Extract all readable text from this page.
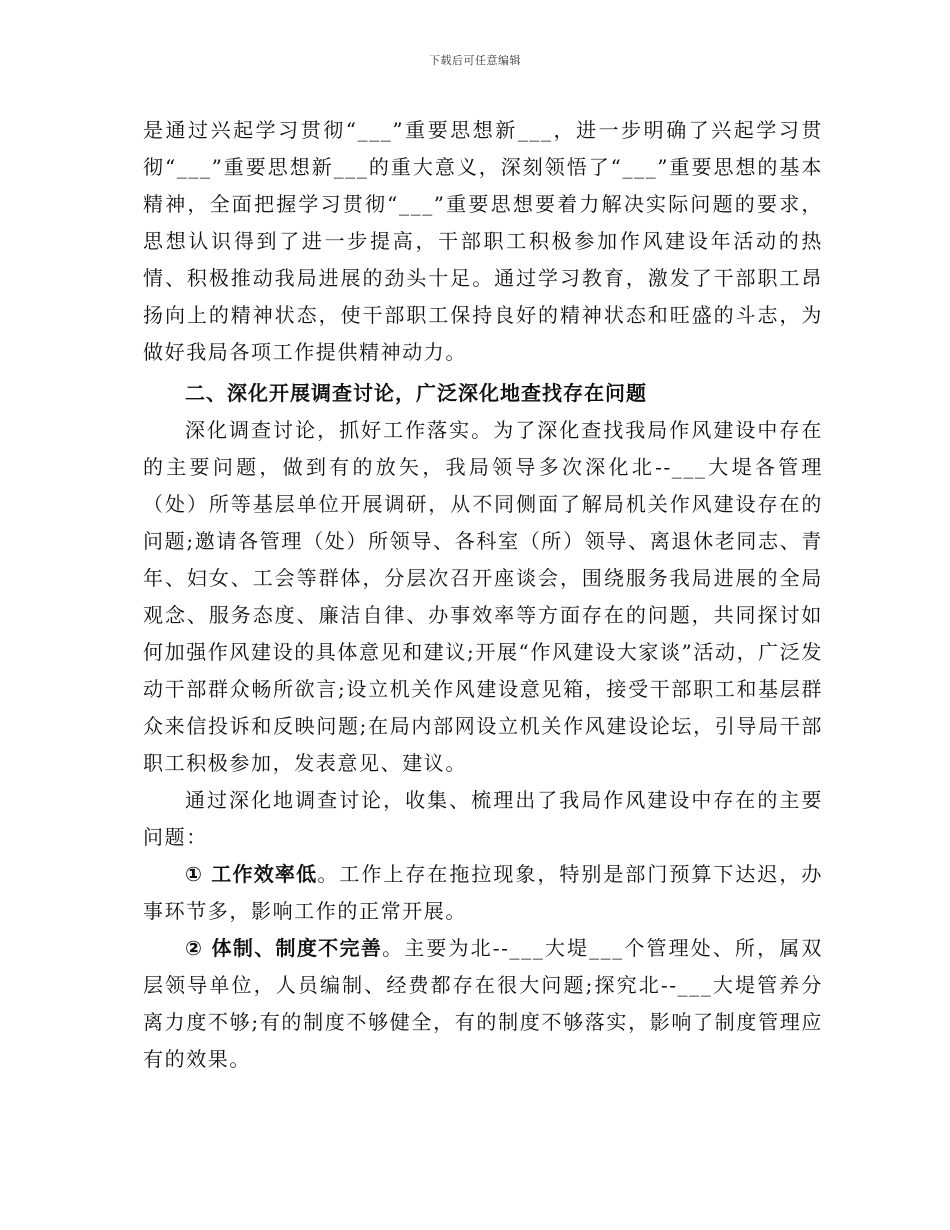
下载后可任意编辑

是通过兴起学习贯彻“___”重要思想新___，进一步明确了兴起学习贯彻“___”重要思想新___的重大意义，深刻领悟了“___”重要思想的基本精神，全面把握学习贯彻“___”重要思想要着力解决实际问题的要求，思想认识得到了进一步提高，干部职工积极参加作风建设年活动的热情、积极推动我局进展的劲头十足。通过学习教育，激发了干部职工昂扬向上的精神状态，使干部职工保持良好的精神状态和旺盛的斗志，为做好我局各项工作提供精神动力。

二、深化开展调查讨论，广泛深化地查找存在问题

深化调查讨论，抓好工作落实。为了深化查找我局作风建设中存在的主要问题，做到有的放矢，我局领导多次深化北--___大堤各管理（处）所等基层单位开展调研，从不同侧面了解局机关作风建设存在的问题;邀请各管理（处）所领导、各科室（所）领导、离退休老同志、青年、妇女、工会等群体，分层次召开座谈会，围绕服务我局进展的全局观念、服务态度、廉洁自律、办事效率等方面存在的问题，共同探讨如何加强作风建设的具体意见和建议;开展“作风建设大家谈”活动，广泛发动干部群众畅所欲言;设立机关作风建设意见箱，接受干部职工和基层群众来信投诉和反映问题;在局内部网设立机关作风建设论坛，引导局干部职工积极参加，发表意见、建议。

通过深化地调查讨论，收集、梳理出了我局作风建设中存在的主要问题：

① 工作效率低。工作上存在拖拉现象，特别是部门预算下达迟，办事环节多，影响工作的正常开展。

② 体制、制度不完善。主要为北--___大堤___个管理处、所，属双层领导单位，人员编制、经费都存在很大问题;探究北--___大堤管养分离力度不够;有的制度不够健全，有的制度不够落实，影响了制度管理应有的效果。
